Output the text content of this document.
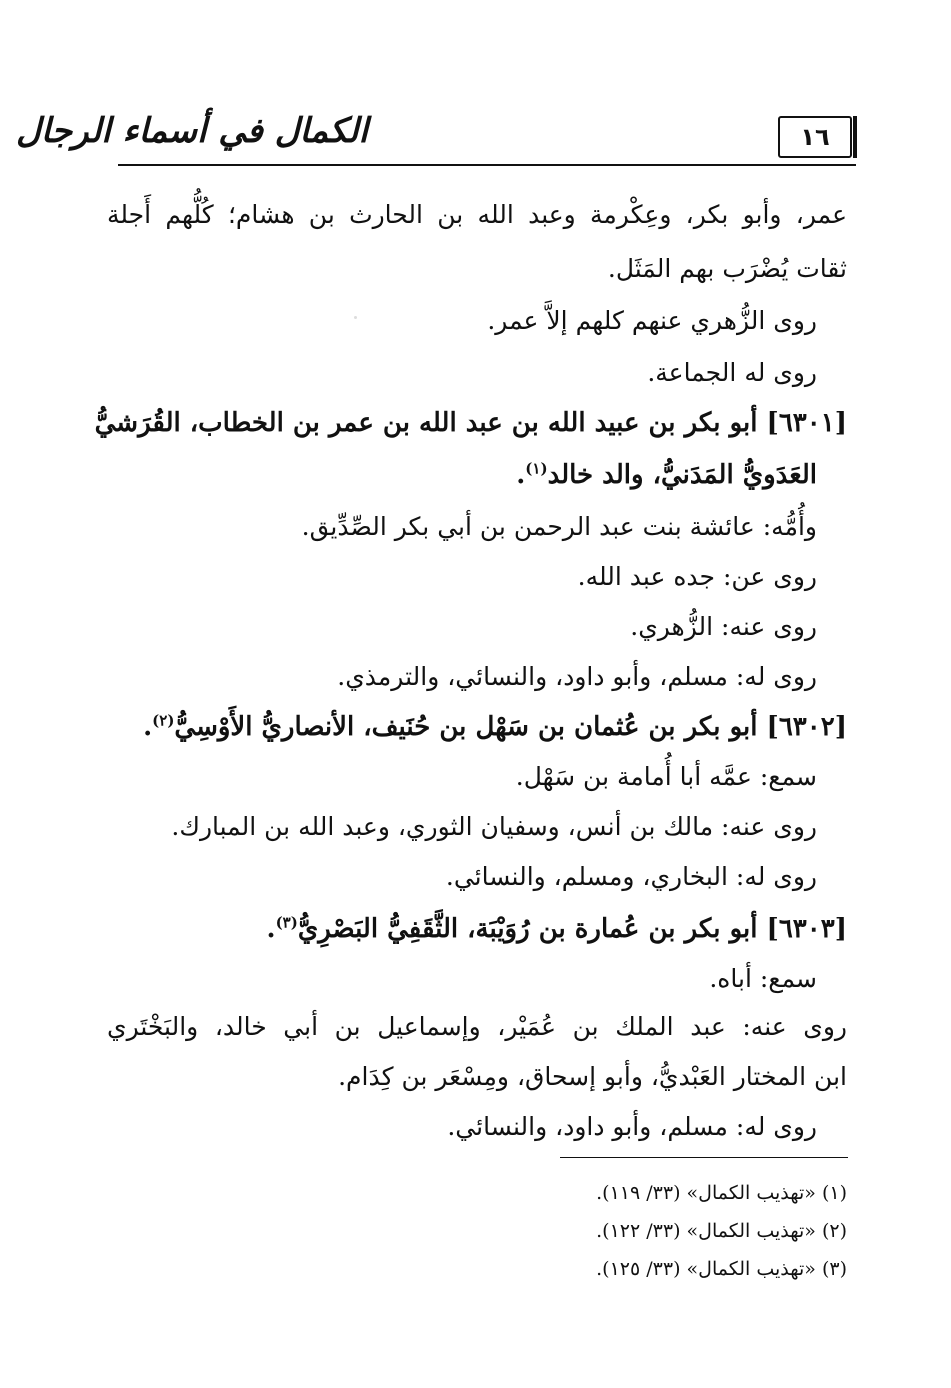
الكمال في أسماء الرجال	١٦
عمر، وأبو بكر، وعِكْرمة وعبد الله بن الحارث بن هشام؛ كُلُّهم أَجلة
ثقات يُضْرَب بهم المَثَل.
روى الزُّهري عنهم كلهم إلاَّ عمر.
روى له الجماعة.
[٦٣٠١] أبو بكر بن عبيد الله بن عبد الله بن عمر بن الخطاب، القُرَشيُّ
العَدَويُّ المَدَنيُّ، والد خالد$^{(١)}$.
وأُمُّه: عائشة بنت عبد الرحمن بن أبي بكر الصِّدِّيق.
روى عن: جده عبد الله.
روى عنه: الزُّهري.
روى له: مسلم، وأبو داود، والنسائي، والترمذي.
[٦٣٠٢] أبو بكر بن عُثمان بن سَهْل بن حُنَيف، الأنصاريُّ الأَوْسِيُّ$^{(٢)}$.
سمع: عمَّه أبا أُمامة بن سَهْل.
روى عنه: مالك بن أنس، وسفيان الثوري، وعبد الله بن المبارك.
روى له: البخاري، ومسلم، والنسائي.
[٦٣٠٣] أبو بكر بن عُمارة بن رُوَيْبَة، الثَّقَفِيُّ البَصْرِيُّ$^{(٣)}$.
سمع: أباه.
روى عنه: عبد الملك بن عُمَيْر، وإسماعيل بن أبي خالد، والبَخْتَري
ابن المختار العَبْديُّ، وأبو إسحاق، ومِسْعَر بن كِدَام.
روى له: مسلم، وأبو داود، والنسائي.
(١) «تهذيب الكمال» (٣٣/ ١١٩).
(٢) «تهذيب الكمال» (٣٣/ ١٢٢).
(٣) «تهذيب الكمال» (٣٣/ ١٢٥).
